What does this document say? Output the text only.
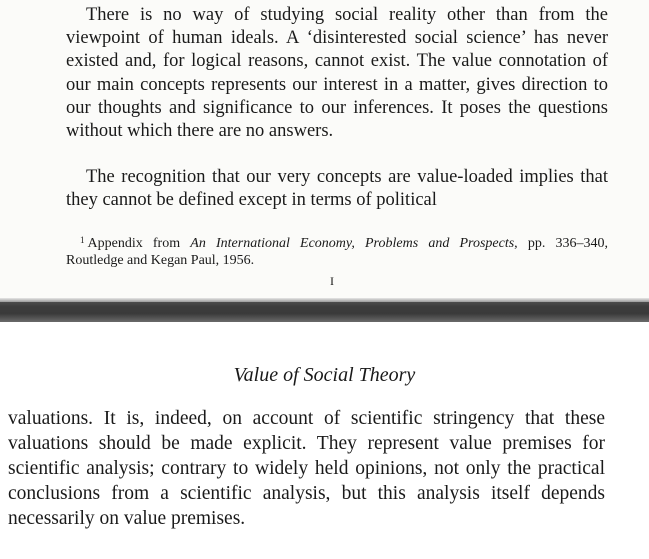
There is no way of studying social reality other than from the viewpoint of human ideals. A ‘disinterested social science’ has never existed and, for logical reasons, cannot exist. The value connotation of our main concepts represents our interest in a matter, gives direction to our thoughts and significance to our inferences. It poses the questions without which there are no answers.

The recognition that our very concepts are value-loaded implies that they cannot be defined except in terms of political

$^1$ Appendix from An International Economy, Problems and Prospects, pp. 336–340, Routledge and Kegan Paul, 1956.

I
Value of Social Theory

valuations. It is, indeed, on account of scientific stringency that these valuations should be made explicit. They represent value premises for scientific analysis; contrary to widely held opinions, not only the practical conclusions from a scientific analysis, but this analysis itself depends necessarily on value premises.
